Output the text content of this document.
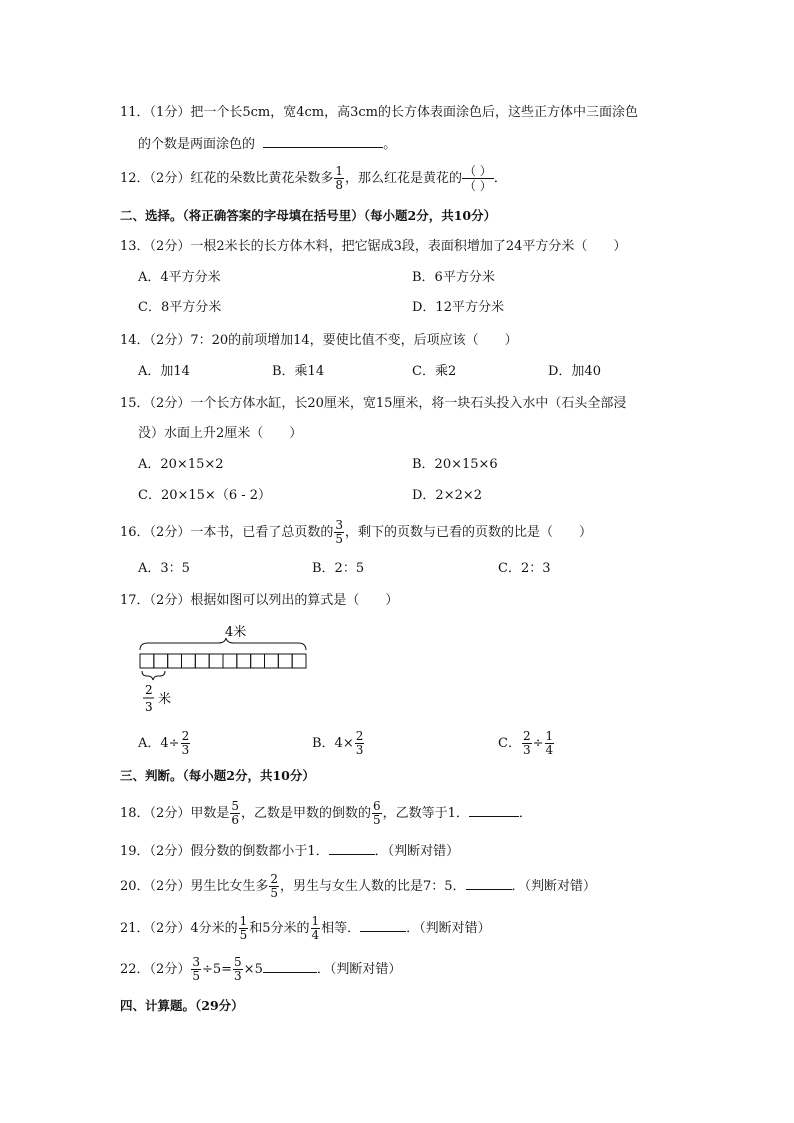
11．（1分）把一个长5cm，宽4cm，高3cm的长方体表面涂色后，这些正方体中三面涂色
的个数是两面涂色的	。
12．（2分）红花的朵数比黄花朵数多 $\frac{1}{8}$ ，那么红花是黄花的 $\frac{( )}{( )}$ ．
二、选择。（将正确答案的字母填在括号里）（每小题2分，共10分）
13．（2分）一根2米长的长方体木料，把它锯成3段，表面积增加了24平方分米（　　）
A．4平方分米	B．6平方分米
C．8平方分米	D．12平方分米
14．（2分）7：20的前项增加14，要使比值不变，后项应该（　　）
A．加14	B．乘14	C．乘2	D．加40
15．（2分）一个长方体水缸，长20厘米，宽15厘米，将一块石头投入水中（石头全部浸
没）水面上升2厘米（　　）
A．20×15×2	B．20×15×6
C．20×15×（6 - 2）	D．2×2×2
16．（2分）一本书，已看了总页数的 $\frac{3}{5}$ ，剩下的页数与已看的页数的比是（　　）
A．3：5	B．2：5	C．2：3
17．（2分）根据如图可以列出的算式是（　　）
4米
2
3 米
A．$4\div \frac{2}{3}$	B．$4\times \frac{2}{3}$	C． $\frac{2}{3} \div \frac{1}{4}$
三、判断。（每小题2分，共10分）
18．（2分）甲数是 $\frac{5}{6}$ ，乙数是甲数的倒数的 $\frac{6}{5}$ ，乙数等于1．	．
19．（2分）假分数的倒数都小于1．	．（判断对错）
20．（2分）男生比女生多 $\frac{2}{5}$ ，男生与女生人数的比是7：5．	．（判断对错）
21．（2分）4分米的 $\frac{1}{5}$ 和5分米的 $\frac{1}{4}$ 相等．	．（判断对错）
22．（2分） $\frac{3}{5} \div 5= \frac{5}{3} \times 5$	．（判断对错）
四、计算题。（29分）
